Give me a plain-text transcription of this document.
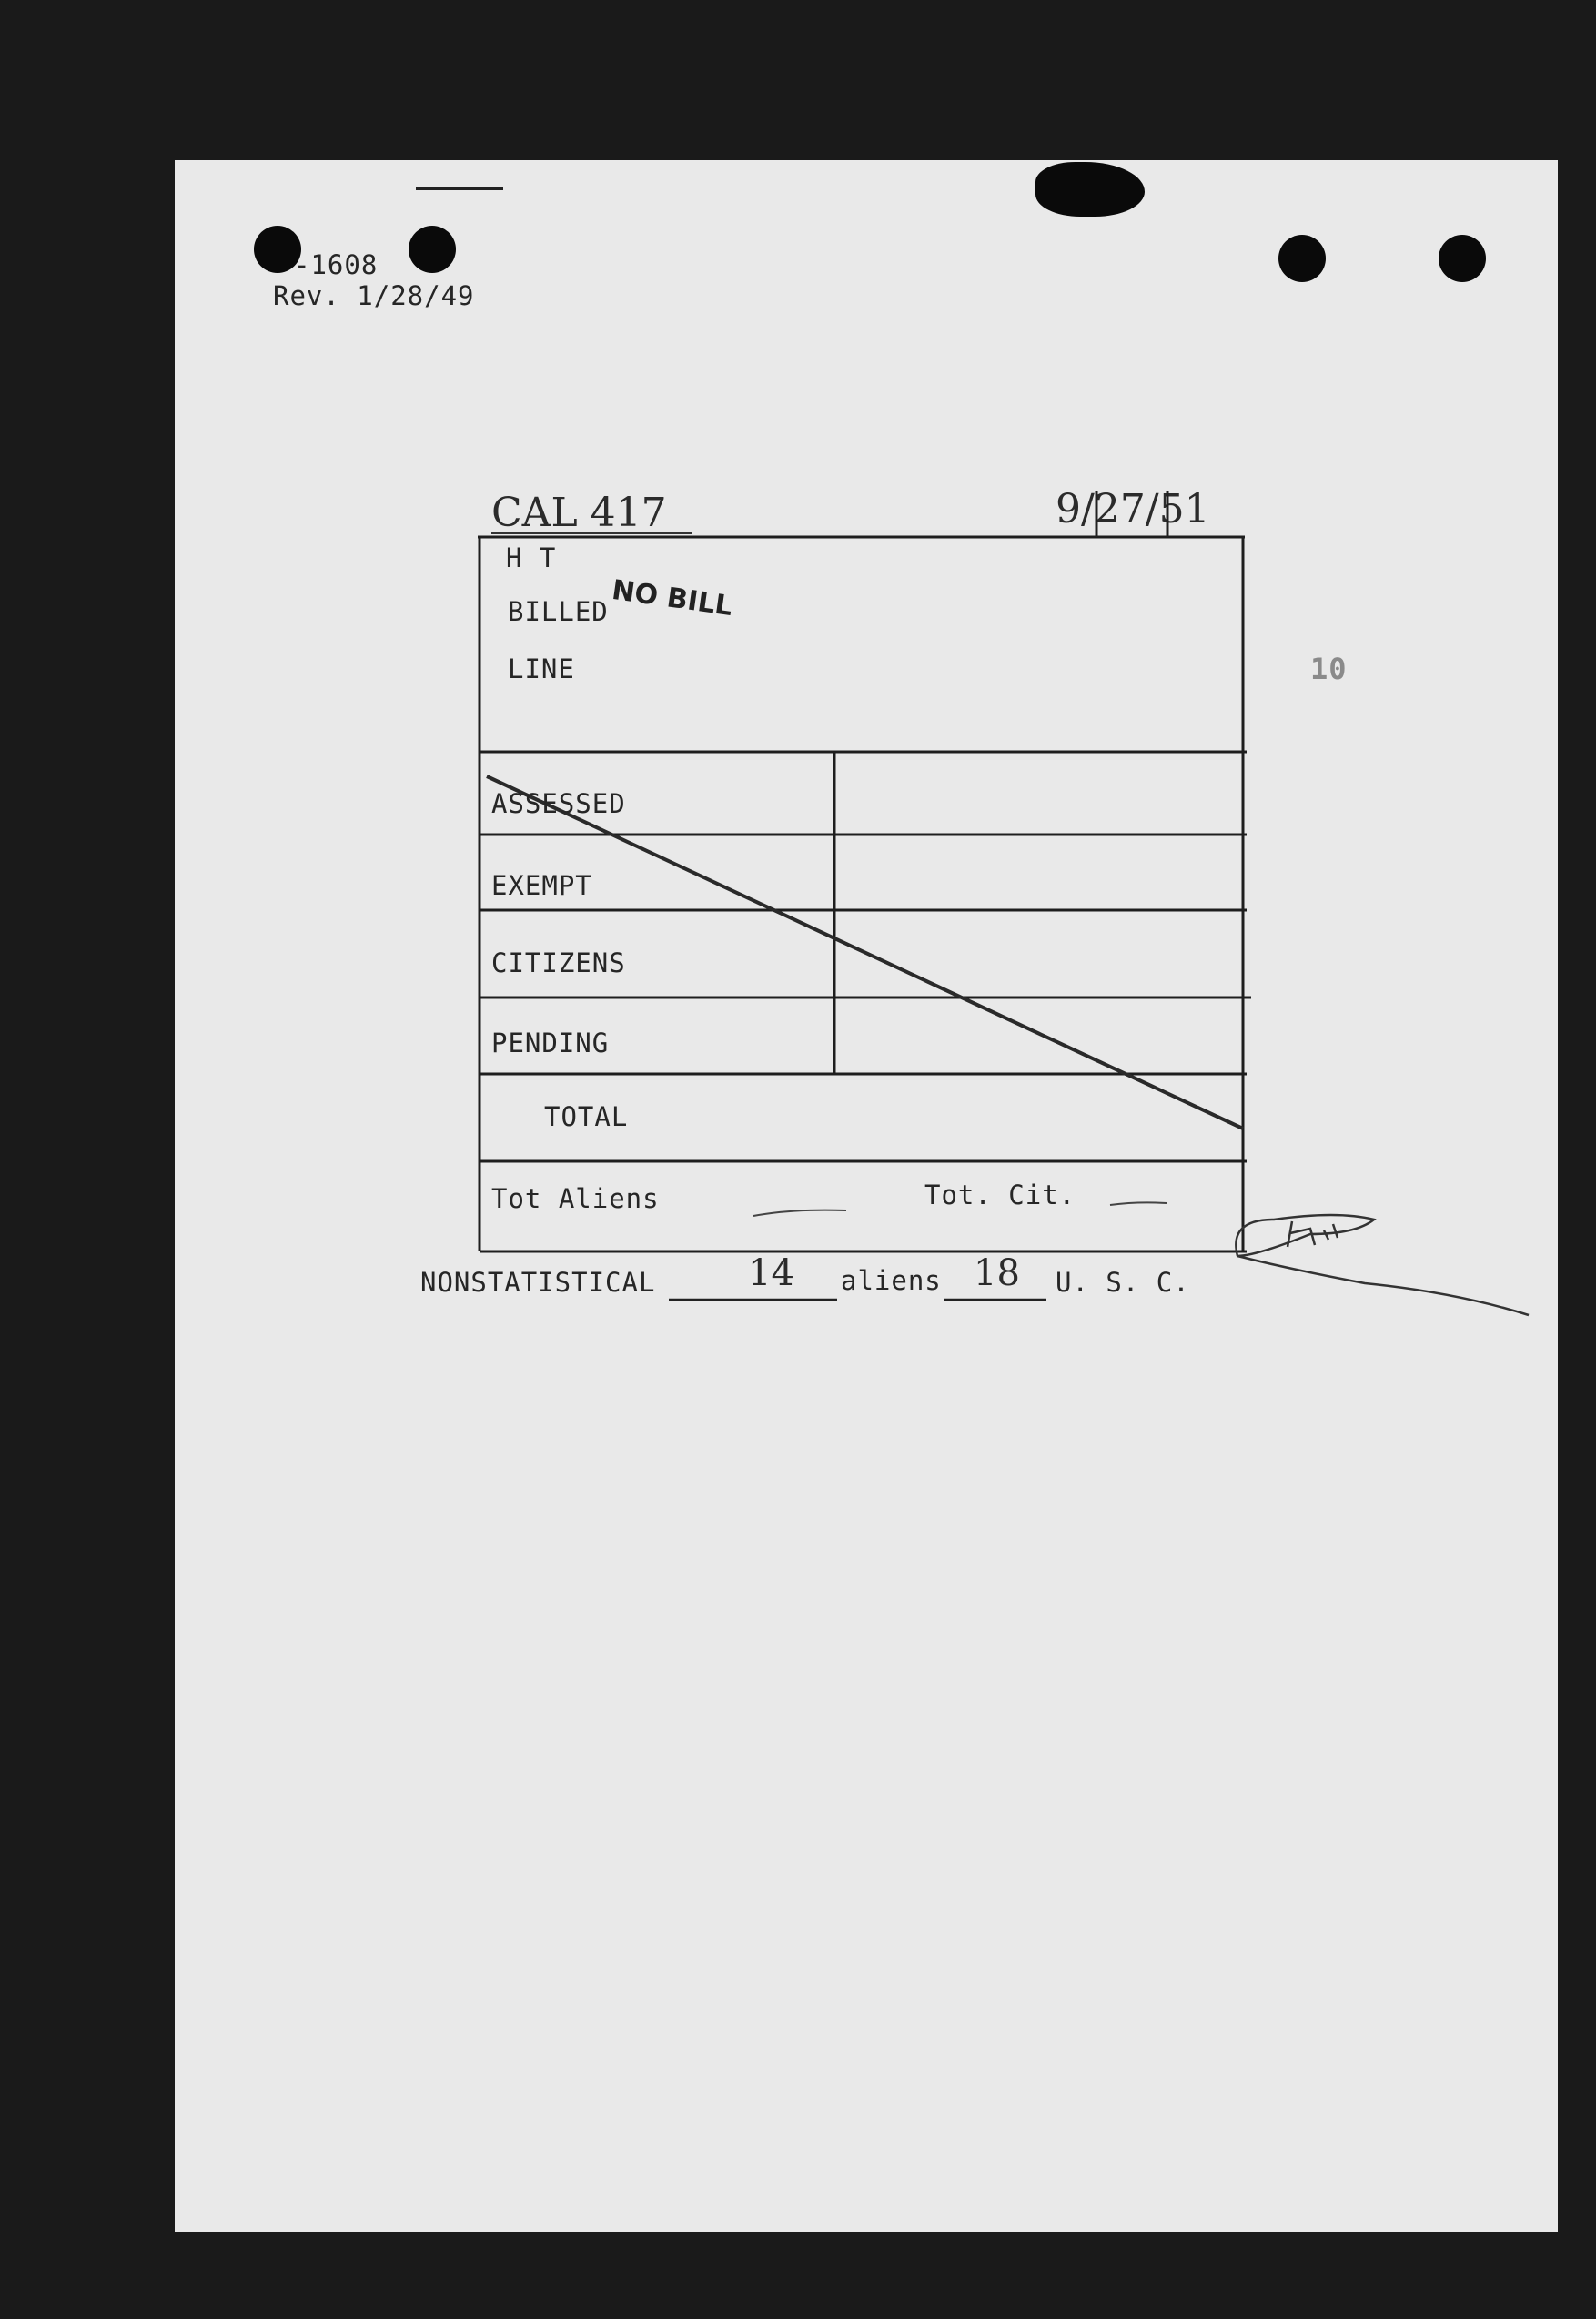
-1608
Rev. 1/28/49
CAL 417	9/27/51
10
H T
BILLED NO BILL
LINE
ASSESSED
EXEMPT
CITIZENS
PENDING
TOTAL
Tot Aliens	Tot. Cit.
NONSTATISTICAL	14 aliens 18 U. S. C.
